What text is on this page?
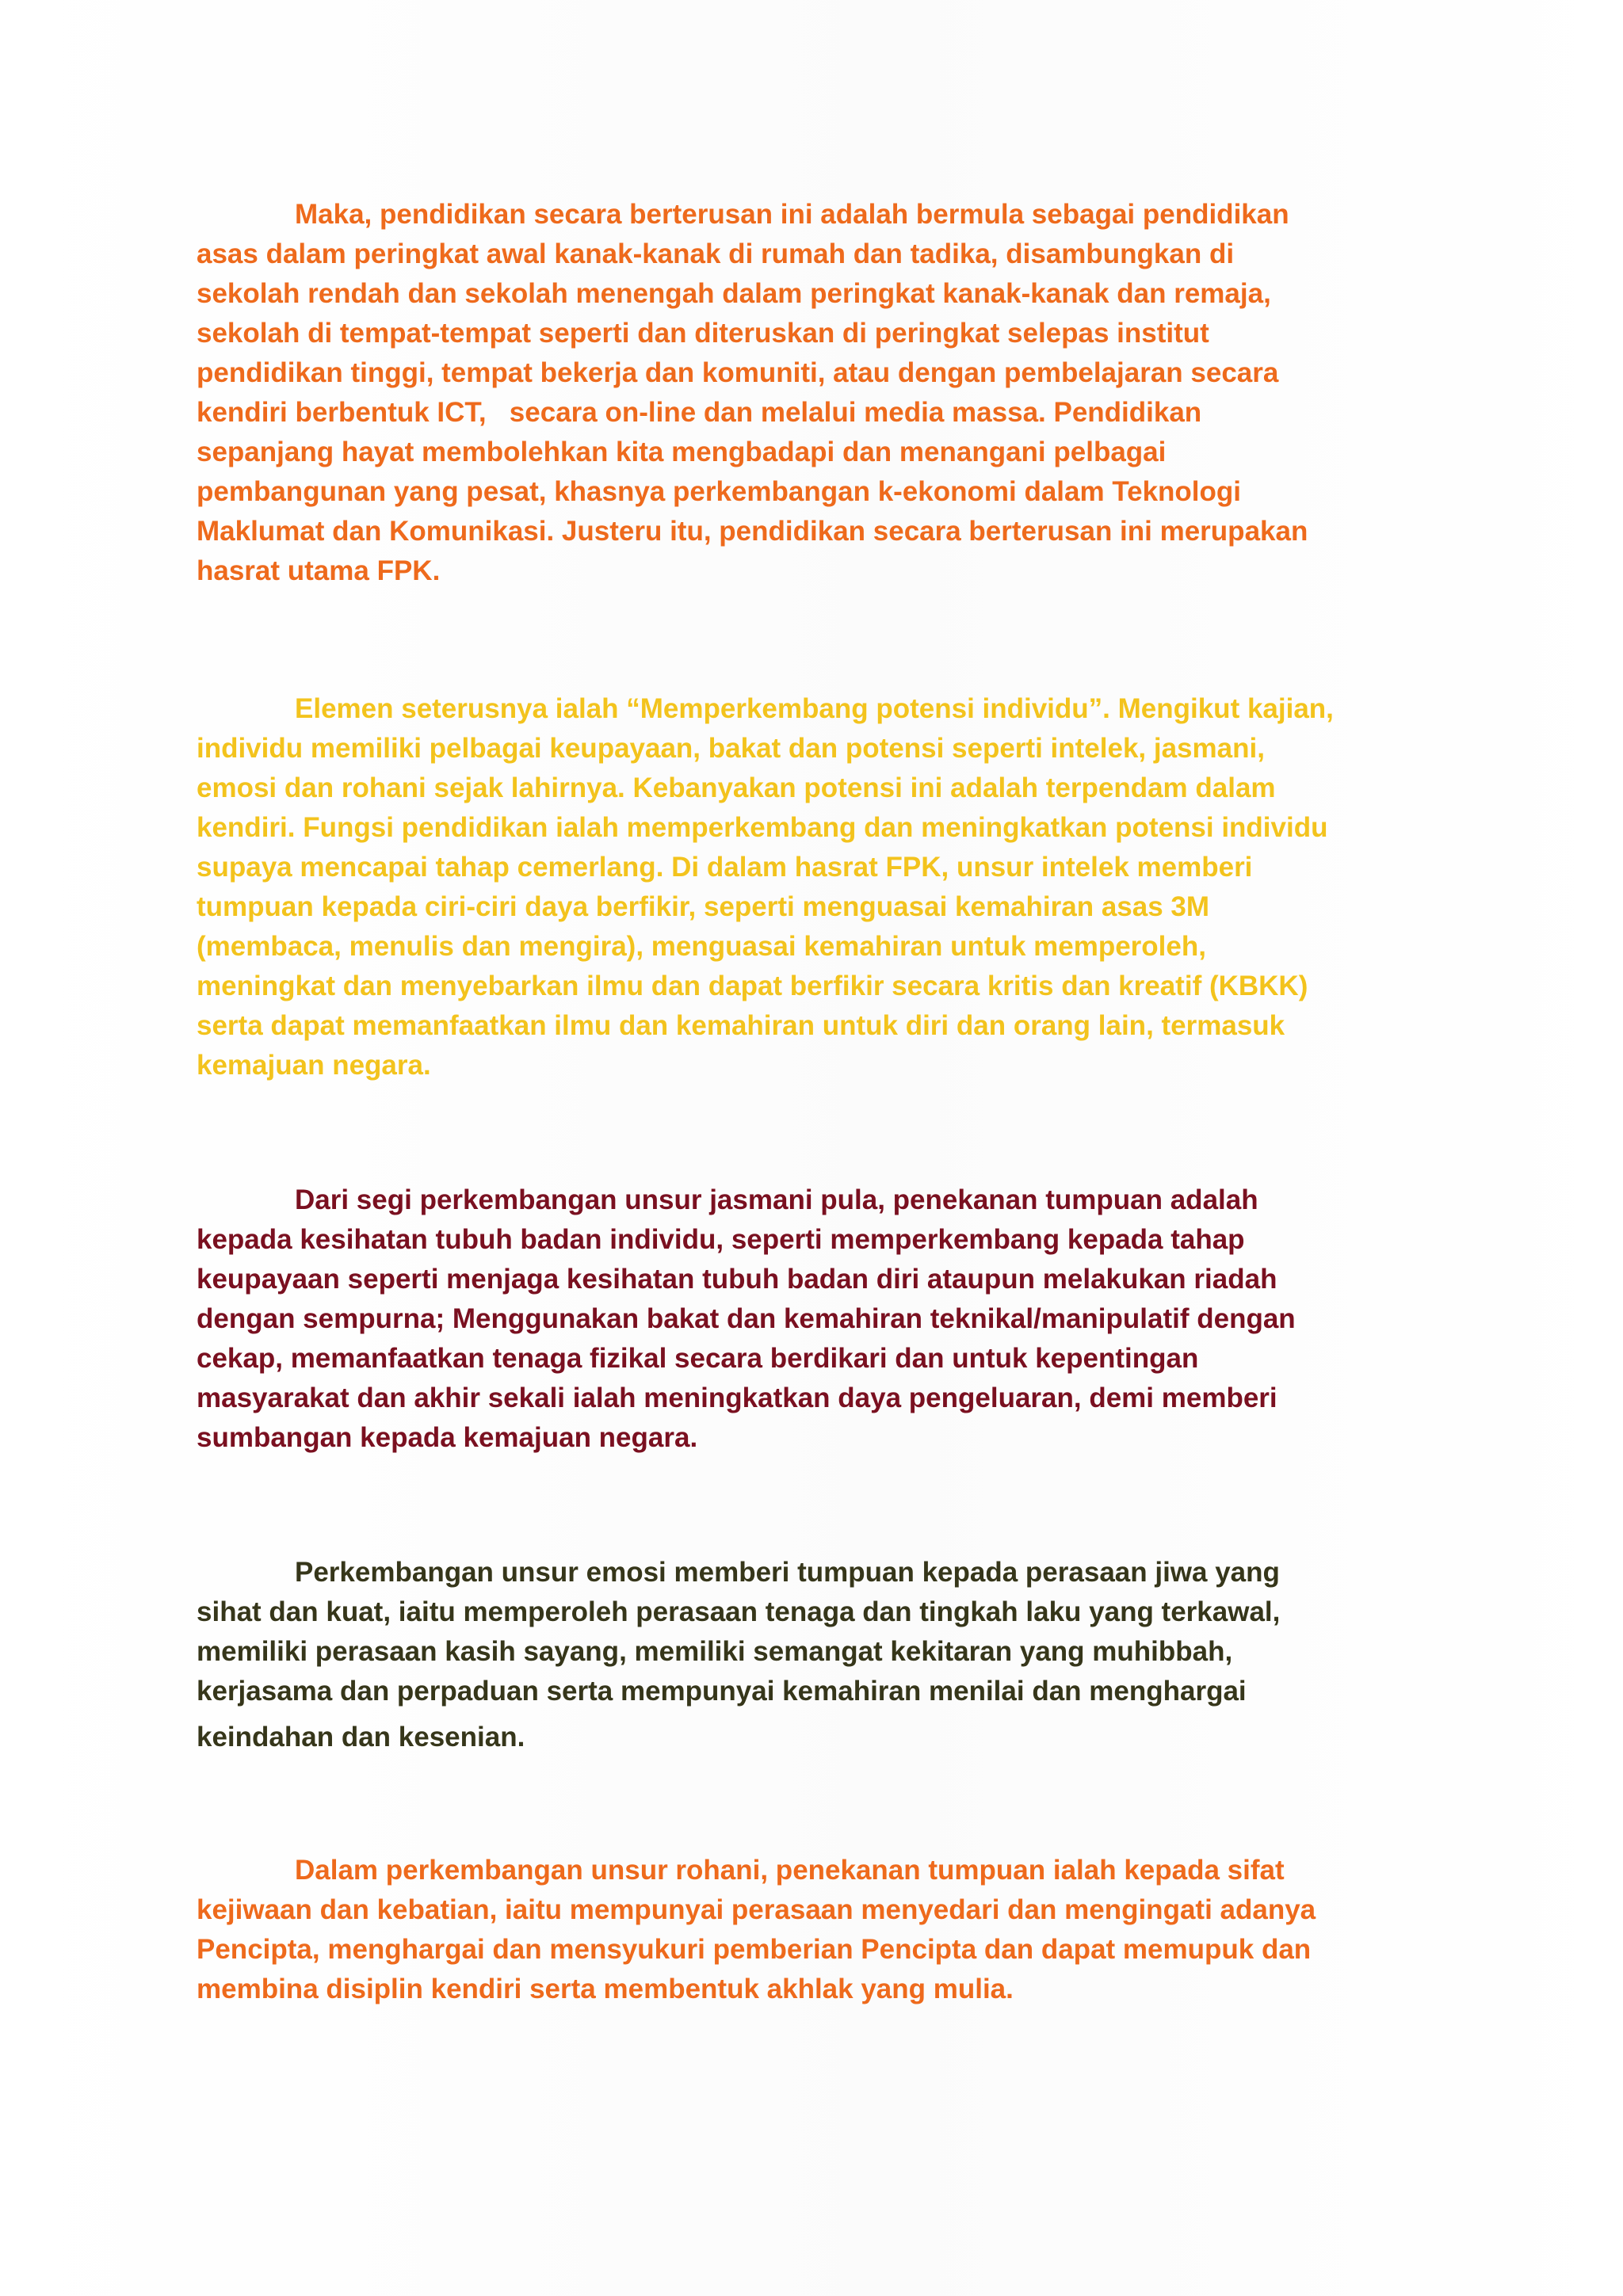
Maka, pendidikan secara berterusan ini adalah bermula sebagai pendidikan
asas dalam peringkat awal kanak-kanak di rumah dan tadika, disambungkan di
sekolah rendah dan sekolah menengah dalam peringkat kanak-kanak dan remaja,
sekolah di tempat-tempat seperti dan diteruskan di peringkat selepas institut
pendidikan tinggi, tempat bekerja dan komuniti, atau dengan pembelajaran secara
kendiri berbentuk ICT,   secara on-line dan melalui media massa. Pendidikan
sepanjang hayat membolehkan kita mengbadapi dan menangani pelbagai
pembangunan yang pesat, khasnya perkembangan k-ekonomi dalam Teknologi
Maklumat dan Komunikasi. Justeru itu, pendidikan secara berterusan ini merupakan
hasrat utama FPK.
Elemen seterusnya ialah “Memperkembang potensi individu”. Mengikut kajian,
individu memiliki pelbagai keupayaan, bakat dan potensi seperti intelek, jasmani,
emosi dan rohani sejak lahirnya. Kebanyakan potensi ini adalah terpendam dalam
kendiri. Fungsi pendidikan ialah memperkembang dan meningkatkan potensi individu
supaya mencapai tahap cemerlang. Di dalam hasrat FPK, unsur intelek memberi
tumpuan kepada ciri-ciri daya berfikir, seperti menguasai kemahiran asas 3M
(membaca, menulis dan mengira), menguasai kemahiran untuk memperoleh,
meningkat dan menyebarkan ilmu dan dapat berfikir secara kritis dan kreatif (KBKK)
serta dapat memanfaatkan ilmu dan kemahiran untuk diri dan orang lain, termasuk
kemajuan negara.
Dari segi perkembangan unsur jasmani pula, penekanan tumpuan adalah
kepada kesihatan tubuh badan individu, seperti memperkembang kepada tahap
keupayaan seperti menjaga kesihatan tubuh badan diri ataupun melakukan riadah
dengan sempurna; Menggunakan bakat dan kemahiran teknikal/manipulatif dengan
cekap, memanfaatkan tenaga fizikal secara berdikari dan untuk kepentingan
masyarakat dan akhir sekali ialah meningkatkan daya pengeluaran, demi memberi
sumbangan kepada kemajuan negara.
Perkembangan unsur emosi memberi tumpuan kepada perasaan jiwa yang
sihat dan kuat, iaitu memperoleh perasaan tenaga dan tingkah laku yang terkawal,
memiliki perasaan kasih sayang, memiliki semangat kekitaran yang muhibbah,
kerjasama dan perpaduan serta mempunyai kemahiran menilai dan menghargai
keindahan dan kesenian.
Dalam perkembangan unsur rohani, penekanan tumpuan ialah kepada sifat
kejiwaan dan kebatian, iaitu mempunyai perasaan menyedari dan mengingati adanya
Pencipta, menghargai dan mensyukuri pemberian Pencipta dan dapat memupuk dan
membina disiplin kendiri serta membentuk akhlak yang mulia.
